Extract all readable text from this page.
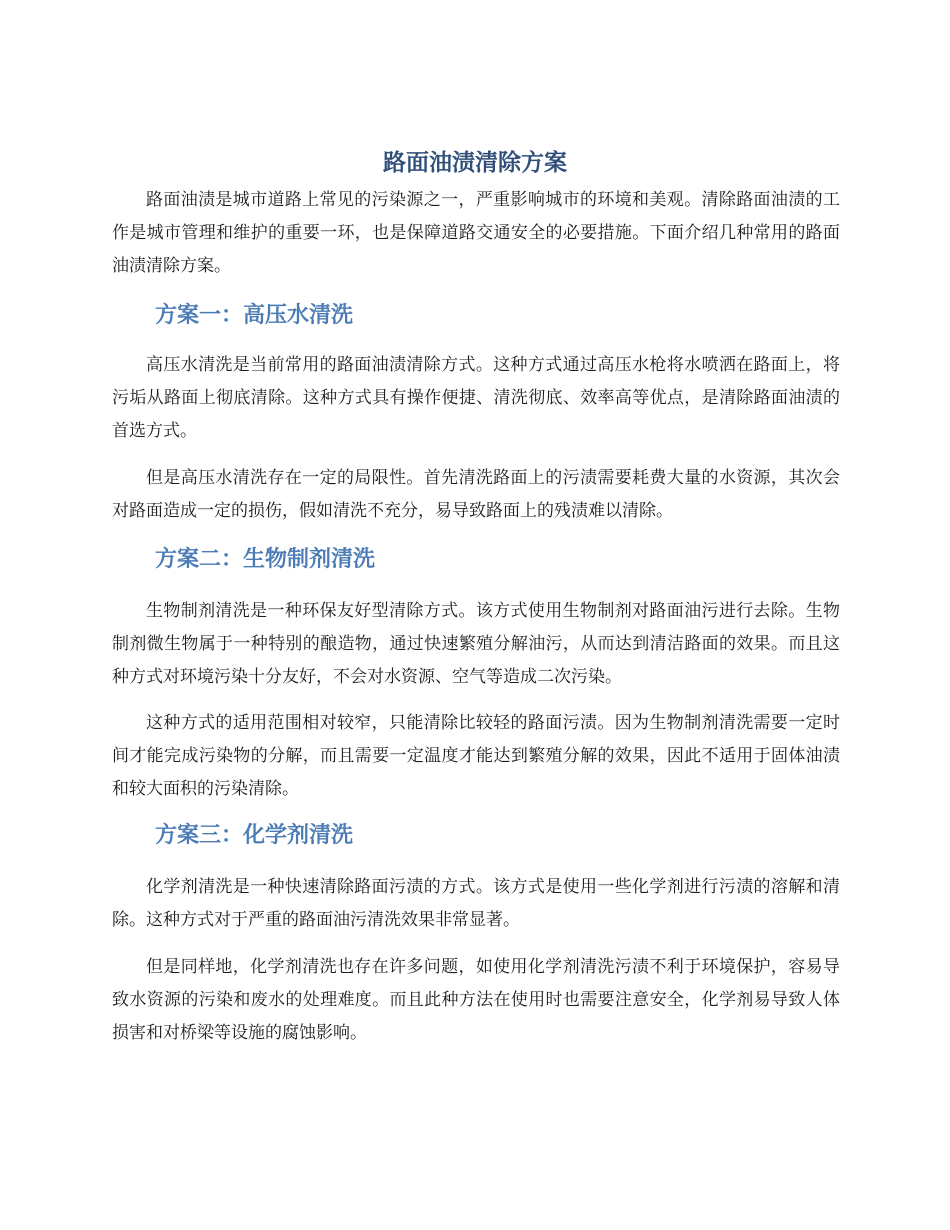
路面油渍清除方案

路面油渍是城市道路上常见的污染源之一，严重影响城市的环境和美观。清除路面油渍的工作是城市管理和维护的重要一环，也是保障道路交通安全的必要措施。下面介绍几种常用的路面油渍清除方案。

方案一：高压水清洗

高压水清洗是当前常用的路面油渍清除方式。这种方式通过高压水枪将水喷洒在路面上，将污垢从路面上彻底清除。这种方式具有操作便捷、清洗彻底、效率高等优点，是清除路面油渍的首选方式。

但是高压水清洗存在一定的局限性。首先清洗路面上的污渍需要耗费大量的水资源，其次会对路面造成一定的损伤，假如清洗不充分，易导致路面上的残渍难以清除。

方案二：生物制剂清洗

生物制剂清洗是一种环保友好型清除方式。该方式使用生物制剂对路面油污进行去除。生物制剂微生物属于一种特别的酿造物，通过快速繁殖分解油污，从而达到清洁路面的效果。而且这种方式对环境污染十分友好，不会对水资源、空气等造成二次污染。

这种方式的适用范围相对较窄，只能清除比较轻的路面污渍。因为生物制剂清洗需要一定时间才能完成污染物的分解，而且需要一定温度才能达到繁殖分解的效果，因此不适用于固体油渍和较大面积的污染清除。

方案三：化学剂清洗

化学剂清洗是一种快速清除路面污渍的方式。该方式是使用一些化学剂进行污渍的溶解和清除。这种方式对于严重的路面油污清洗效果非常显著。

但是同样地，化学剂清洗也存在许多问题，如使用化学剂清洗污渍不利于环境保护，容易导致水资源的污染和废水的处理难度。而且此种方法在使用时也需要注意安全，化学剂易导致人体损害和对桥梁等设施的腐蚀影响。
